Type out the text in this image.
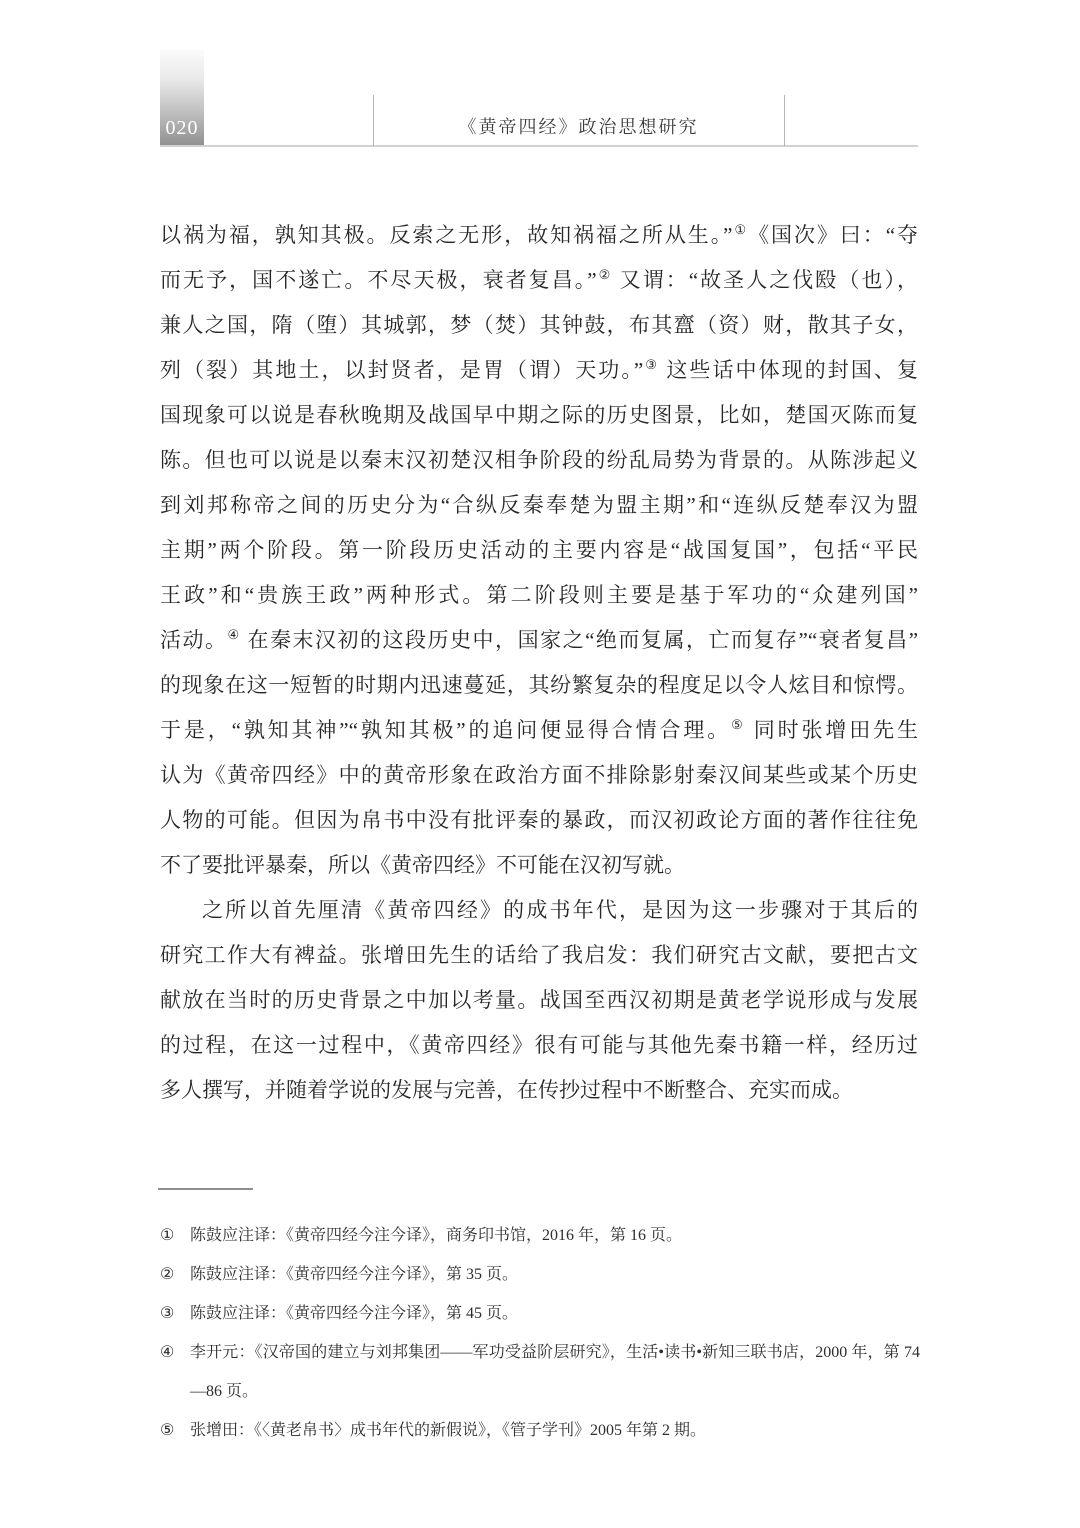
020	《黄帝四经》政治思想研究
以祸为福，孰知其极。反索之无形，故知祸福之所从生。”①《国次》曰：“夺
而无予，国不遂亡。不尽天极，衰者复昌。”② 又谓：“故圣人之伐殹（也），
兼人之国，隋（堕）其城郭，梦（焚）其钟鼓，布其齍（资）财，散其子女，
列（裂）其地土，以封贤者，是胃（谓）天功。”③ 这些话中体现的封国、复
国现象可以说是春秋晚期及战国早中期之际的历史图景，比如，楚国灭陈而复
陈。但也可以说是以秦末汉初楚汉相争阶段的纷乱局势为背景的。从陈涉起义
到刘邦称帝之间的历史分为“合纵反秦奉楚为盟主期”和“连纵反楚奉汉为盟
主期”两个阶段。第一阶段历史活动的主要内容是“战国复国”，包括“平民
王政”和“贵族王政”两种形式。第二阶段则主要是基于军功的“众建列国”
活动。④ 在秦末汉初的这段历史中，国家之“绝而复属，亡而复存”“衰者复昌”
的现象在这一短暂的时期内迅速蔓延，其纷繁复杂的程度足以令人炫目和惊愕。
于是，“孰知其神”“孰知其极”的追问便显得合情合理。⑤ 同时张增田先生
认为《黄帝四经》中的黄帝形象在政治方面不排除影射秦汉间某些或某个历史
人物的可能。但因为帛书中没有批评秦的暴政，而汉初政论方面的著作往往免
不了要批评暴秦，所以《黄帝四经》不可能在汉初写就。
之所以首先厘清《黄帝四经》的成书年代，是因为这一步骤对于其后的
研究工作大有裨益。张增田先生的话给了我启发：我们研究古文献，要把古文
献放在当时的历史背景之中加以考量。战国至西汉初期是黄老学说形成与发展
的过程，在这一过程中，《黄帝四经》很有可能与其他先秦书籍一样，经历过
多人撰写，并随着学说的发展与完善，在传抄过程中不断整合、充实而成。
① 陈鼓应注译：《黄帝四经今注今译》，商务印书馆，2016 年，第 16 页。
② 陈鼓应注译：《黄帝四经今注今译》，第 35 页。
③ 陈鼓应注译：《黄帝四经今注今译》，第 45 页。
④ 李开元：《汉帝国的建立与刘邦集团——军功受益阶层研究》，生活•读书•新知三联书店，2000 年，第 74—86 页。
⑤ 张增田：《〈黄老帛书〉成书年代的新假说》，《管子学刊》2005 年第 2 期。
